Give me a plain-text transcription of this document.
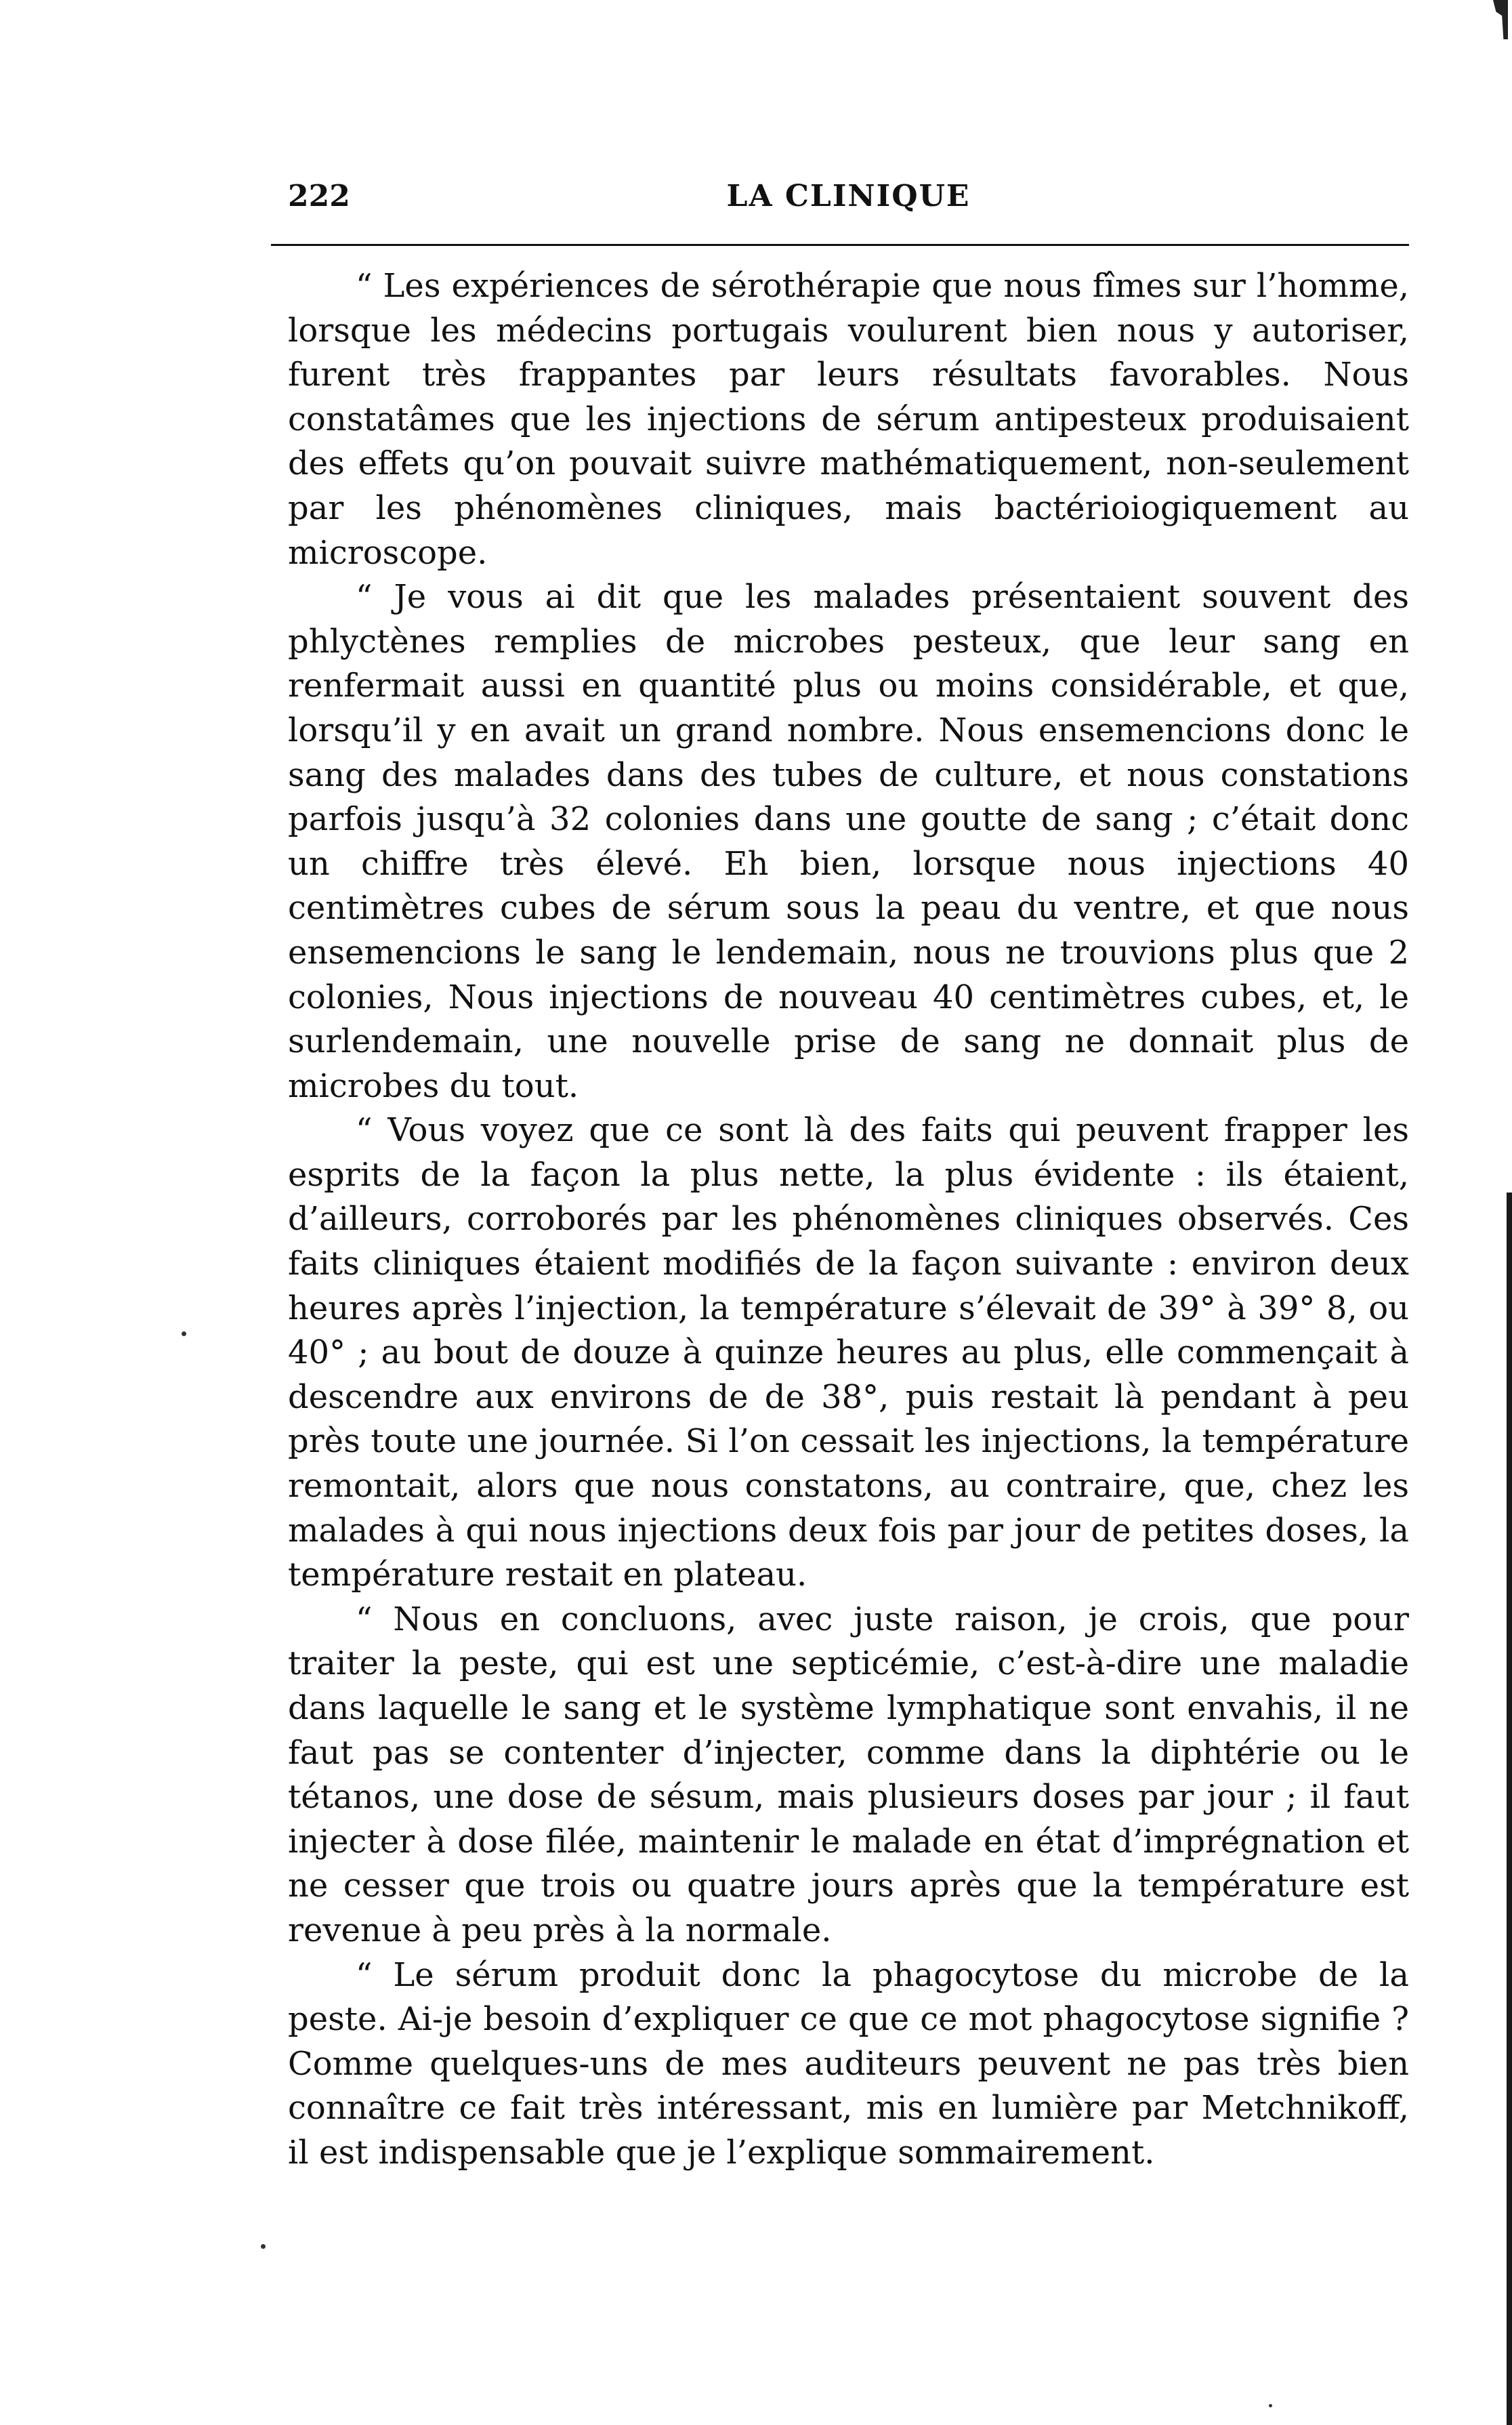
222	LA CLINIQUE

“ Les expériences de sérothérapie que nous fîmes sur l’homme, lorsque les médecins portugais voulurent bien nous y autoriser, furent très frappantes par leurs résultats favorables. Nous constatâmes que les injections de sérum antipesteux produisaient des effets qu’on pouvait suivre mathématiquement, non-seulement par les phénomènes cliniques, mais bactérioiogiquement au microscope.

“ Je vous ai dit que les malades présentaient souvent des phlyctènes remplies de microbes pesteux, que leur sang en renfermait aussi en quantité plus ou moins considérable, et que, lorsqu’il y en avait un grand nombre. Nous ensemencions donc le sang des malades dans des tubes de culture, et nous constations parfois jusqu’à 32 colonies dans une goutte de sang ; c’était donc un chiffre très élevé. Eh bien, lorsque nous injections 40 centimètres cubes de sérum sous la peau du ventre, et que nous ensemencions le sang le lendemain, nous ne trouvions plus que 2 colonies, Nous injections de nouveau 40 centimètres cubes, et, le surlendemain, une nouvelle prise de sang ne donnait plus de microbes du tout.

“ Vous voyez que ce sont là des faits qui peuvent frapper les esprits de la façon la plus nette, la plus évidente : ils étaient, d’ailleurs, corroborés par les phénomènes cliniques observés. Ces faits cliniques étaient modifiés de la façon suivante : environ deux heures après l’injection, la température s’élevait de 39° à 39° 8, ou 40° ; au bout de douze à quinze heures au plus, elle commençait à descendre aux environs de de 38°, puis restait là pendant à peu près toute une journée. Si l’on cessait les injections, la température remontait, alors que nous constatons, au contraire, que, chez les malades à qui nous injections deux fois par jour de petites doses, la température restait en plateau.

“ Nous en concluons, avec juste raison, je crois, que pour traiter la peste, qui est une septicémie, c’est-à-dire une maladie dans laquelle le sang et le système lymphatique sont envahis, il ne faut pas se contenter d’injecter, comme dans la diphtérie ou le tétanos, une dose de sésum, mais plusieurs doses par jour ; il faut injecter à dose filée, maintenir le malade en état d’imprégnation et ne cesser que trois ou quatre jours après que la température est revenue à peu près à la normale.

“ Le sérum produit donc la phagocytose du microbe de la peste. Ai-je besoin d’expliquer ce que ce mot phagocytose signifie ? Comme quelques-uns de mes auditeurs peuvent ne pas très bien connaître ce fait très intéressant, mis en lumière par Metchnikoff, il est indispensable que je l’explique sommairement.
